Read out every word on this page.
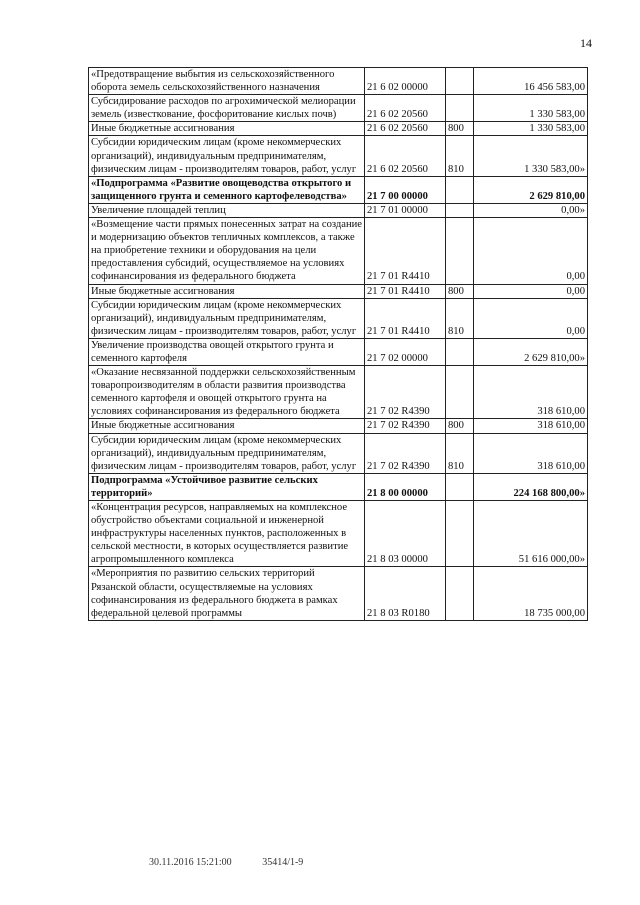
14
«Предотвращение выбытия из сельскохозяйственного оборота земель сельскохозяйственного назначения	21 6 02 00000		16 456 583,00
Субсидирование расходов по агрохимической мелиорации земель (известкование, фосфоритование кислых почв)	21 6 02 20560		1 330 583,00
Иные бюджетные ассигнования	21 6 02 20560	800	1 330 583,00
Субсидии юридическим лицам (кроме некоммерческих организаций), индивидуальным предпринимателям, физическим лицам - производителям товаров, работ, услуг	21 6 02 20560	810	1 330 583,00»
«Подпрограмма «Развитие овощеводства открытого и защищенного грунта и семенного картофелеводства»	21 7 00 00000		2 629 810,00
Увеличение площадей теплиц	21 7 01 00000		0,00»
«Возмещение части прямых понесенных затрат на создание и модернизацию объектов тепличных комплексов, а также на приобретение техники и оборудования на цели предоставления субсидий, осуществляемое на условиях софинансирования из федерального бюджета	21 7 01 R4410		0,00
Иные бюджетные ассигнования	21 7 01 R4410	800	0,00
Субсидии юридическим лицам (кроме некоммерческих организаций), индивидуальным предпринимателям, физическим лицам - производителям товаров, работ, услуг	21 7 01 R4410	810	0,00
Увеличение производства овощей открытого грунта и семенного картофеля	21 7 02 00000		2 629 810,00»
«Оказание несвязанной поддержки сельскохозяйственным товаропроизводителям в области развития производства семенного картофеля и овощей открытого грунта на условиях софинансирования из федерального бюджета	21 7 02 R4390		318 610,00
Иные бюджетные ассигнования	21 7 02 R4390	800	318 610,00
Субсидии юридическим лицам (кроме некоммерческих организаций), индивидуальным предпринимателям, физическим лицам - производителям товаров, работ, услуг	21 7 02 R4390	810	318 610,00
Подпрограмма «Устойчивое развитие сельских территорий»	21 8 00 00000		224 168 800,00»
«Концентрация ресурсов, направляемых на комплексное обустройство объектами социальной и инженерной инфраструктуры населенных пунктов, расположенных в сельской местности, в которых осуществляется развитие агропромышленного комплекса	21 8 03 00000		51 616 000,00»
«Мероприятия по развитию сельских территорий Рязанской области, осуществляемые на условиях софинансирования из федерального бюджета в рамках федеральной целевой программы	21 8 03 R0180		18 735 000,00
30.11.2016 15:21:00	35414/1-9
